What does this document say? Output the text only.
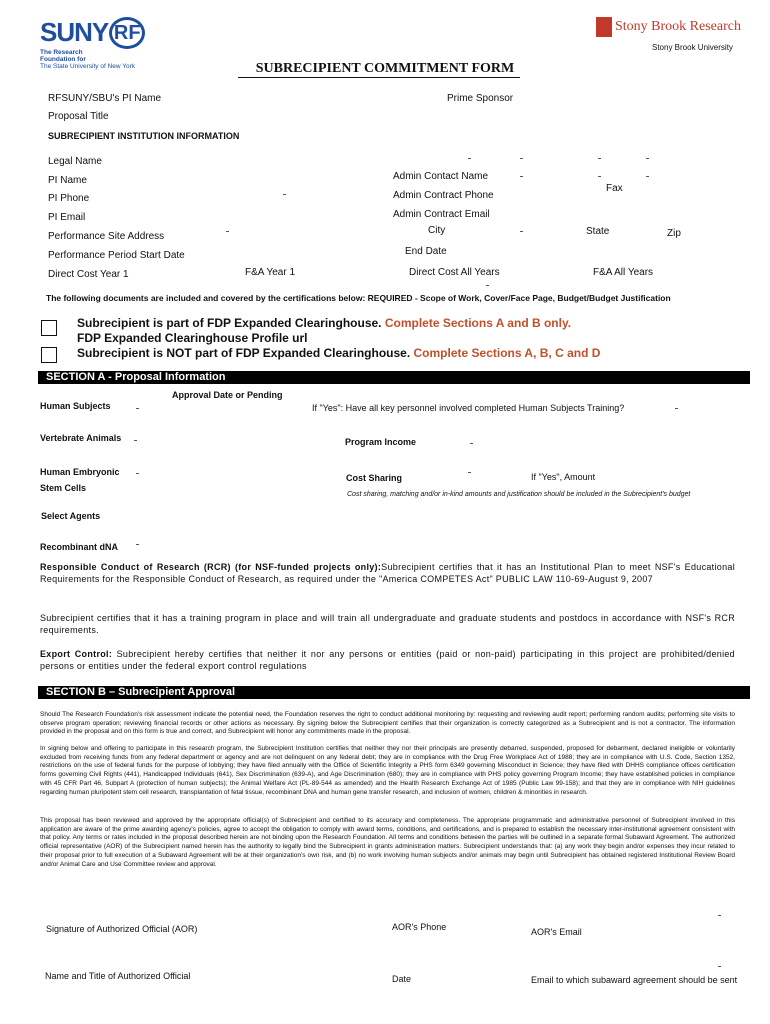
SUNY RF
The Research
Foundation for
The State University of New York
Stony Brook Research
Stony Brook University
SUBRECIPIENT COMMITMENT FORM
RFSUNY/SBU's PI Name	Prime Sponsor
Proposal Title
SUBRECIPIENT INSTITUTION INFORMATION
Legal Name
PI Name	Admin Contact Name
Fax
PI Phone	Admin Contract Phone
PI Email	Admin Contract Email
City	State	Zip
Performance Site Address
End Date
Performance Period Start Date
Direct Cost Year 1	F&A Year 1	Direct Cost All Years	F&A All Years
The following documents are included and covered by the certifications below: REQUIRED - Scope of Work, Cover/Face Page, Budget/Budget Justification
Subrecipient is part of FDP Expanded Clearinghouse. Complete Sections A and B only.
FDP Expanded Clearinghouse Profile url
Subrecipient is NOT part of FDP Expanded Clearinghouse. Complete Sections A, B, C and D
SECTION A - Proposal Information
Approval Date or Pending
Human Subjects	If "Yes": Have all key personnel involved completed Human Subjects Training?
Vertebrate Animals	Program Income
Human Embryonic
Stem Cells
Cost Sharing	If "Yes", Amount
Cost sharing, matching and/or in-kind amounts and justification should be included in the Subrecipient's budget
Select Agents
Recombinant dNA
Responsible Conduct of Research (RCR) (for NSF-funded projects only):Subrecipient certifies that it has an Institutional Plan to meet NSF's Educational Requirements for the Responsible Conduct of Research, as required under the "America COMPETES Act" PUBLIC LAW 110-69-August 9, 2007
Subrecipient certifies that it has a training program in place and will train all undergraduate and graduate students and postdocs in accordance with NSF's RCR requirements.
Export Control: Subrecipient hereby certifies that neither it nor any persons or entities (paid or non-paid) participating in this project are prohibited/denied persons or entities under the federal export control regulations
SECTION B – Subrecipient Approval
Should The Research Foundation's risk assessment indicate the potential need, the Foundation reserves the right to conduct additional monitoring by: requesting and reviewing audit report; performing random audits; performing site visits to observe program operation; reviewing financial records or other actions as necessary. By signing below the Subrecipient certifies that their organization is correctly categorized as a Subrecipient and is not a contractor. The information provided in the proposal and on this form is true and correct, and Subrecipient will honor any commitments made in the proposal.
In signing below and offering to participate in this research program, the Subrecipient Institution certifies that neither they nor their principals are presently debarred, suspended, proposed for debarment, declared ineligible or voluntarily excluded from receiving funds from any federal department or agency and are not delinquent on any federal debt; they are in compliance with the Drug Free Workplace Act of 1988; they are in compliance with U.S. Code, Section 1352, restrictions on the use of federal funds for the purpose of lobbying; they have filed annually with the Office of Scientific Integrity a PHS form 6349 governing Misconduct in Science; they have filed with DHHS compliance offices certification forms governing Civil Rights (441), Handicapped Individuals (641), Sex Discrimination (639-A), and Age Discrimination (680); they are in compliance with PHS policy governing Program Income; they have established policies in compliance with 45 CFR Part 46, Subpart A (protection of human subjects); the Animal Welfare Act (PL-89-544 as amended) and the Health Research Exchange Act of 1985 (Public Law 99-158); and that they are in compliance with NIH guidelines regarding human pluripotent stem cell research, transplantation of fetal tissue, recombinant DNA and human gene transfer research, and inclusion of women, children & minorities in research.
This proposal has been reviewed and approved by the appropriate official(s) of Subrecipient and certified to its accuracy and completeness. The appropriate programmatic and administrative personnel of Subrecipient involved in this application are aware of the prime awarding agency's policies, agree to accept the obligation to comply with award terms, conditions, and certifications, and is prepared to establish the necessary inter-institutional agreement consistent with that policy. Any terms or rates included in the proposal described herein are not binding upon the Research Foundation. All terms and conditions between the parties will be outlined in a separate formal Subaward Agreement. The authorized official representative (AOR) of the Subrecipient named herein has the authority to legally bind the Subrecipient in grants administration matters. Subrecipient understands that: (a) any work they begin and/or expenses they incur related to their proposal prior to full execution of a Subaward Agreement will be at their organization's own risk, and (b) no work involving human subjects and/or animals may begin until Subrecipient has obtained registered Institutional Review Board and/or Animal Care and Use Committee review and approval.
Signature of Authorized Official (AOR)	AOR's Phone	AOR's Email
Name and Title of Authorized Official	Date	Email to which subaward agreement should be sent
